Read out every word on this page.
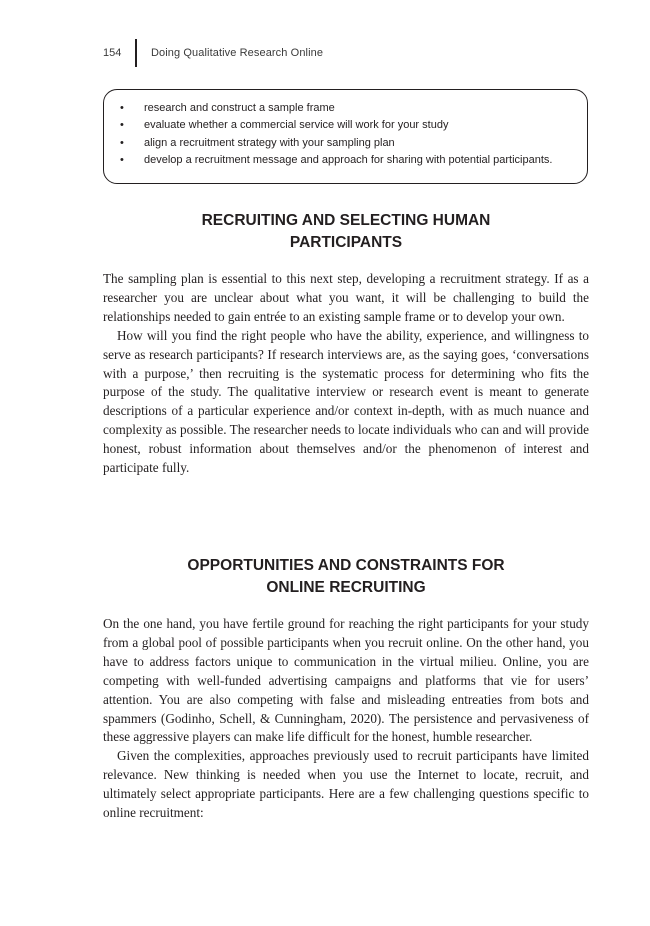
154	Doing Qualitative Research Online
• research and construct a sample frame
• evaluate whether a commercial service will work for your study
• align a recruitment strategy with your sampling plan
• develop a recruitment message and approach for sharing with potential participants.
RECRUITING AND SELECTING HUMAN
PARTICIPANTS

The sampling plan is essential to this next step, developing a recruitment strategy. If as a researcher you are unclear about what you want, it will be challenging to build the relationships needed to gain entrée to an existing sample frame or to develop your own.

How will you find the right people who have the ability, experience, and willingness to serve as research participants? If research interviews are, as the saying goes, ‘conversations with a purpose,’ then recruiting is the systematic process for determining who fits the purpose of the study. The qualitative interview or research event is meant to generate descriptions of a particular experience and/or context in-depth, with as much nuance and complexity as possible. The researcher needs to locate individuals who can and will provide honest, robust information about themselves and/or the phenomenon of interest and participate fully.

OPPORTUNITIES AND CONSTRAINTS FOR
ONLINE RECRUITING

On the one hand, you have fertile ground for reaching the right participants for your study from a global pool of possible participants when you recruit online. On the other hand, you have to address factors unique to communication in the virtual milieu. Online, you are competing with well-funded advertising campaigns and platforms that vie for users’ attention. You are also competing with false and misleading entreaties from bots and spammers (Godinho, Schell, & Cunningham, 2020). The persistence and pervasiveness of these aggressive players can make life difficult for the honest, humble researcher.

Given the complexities, approaches previously used to recruit participants have limited relevance. New thinking is needed when you use the Internet to locate, recruit, and ultimately select appropriate participants. Here are a few challenging questions specific to online recruitment:
